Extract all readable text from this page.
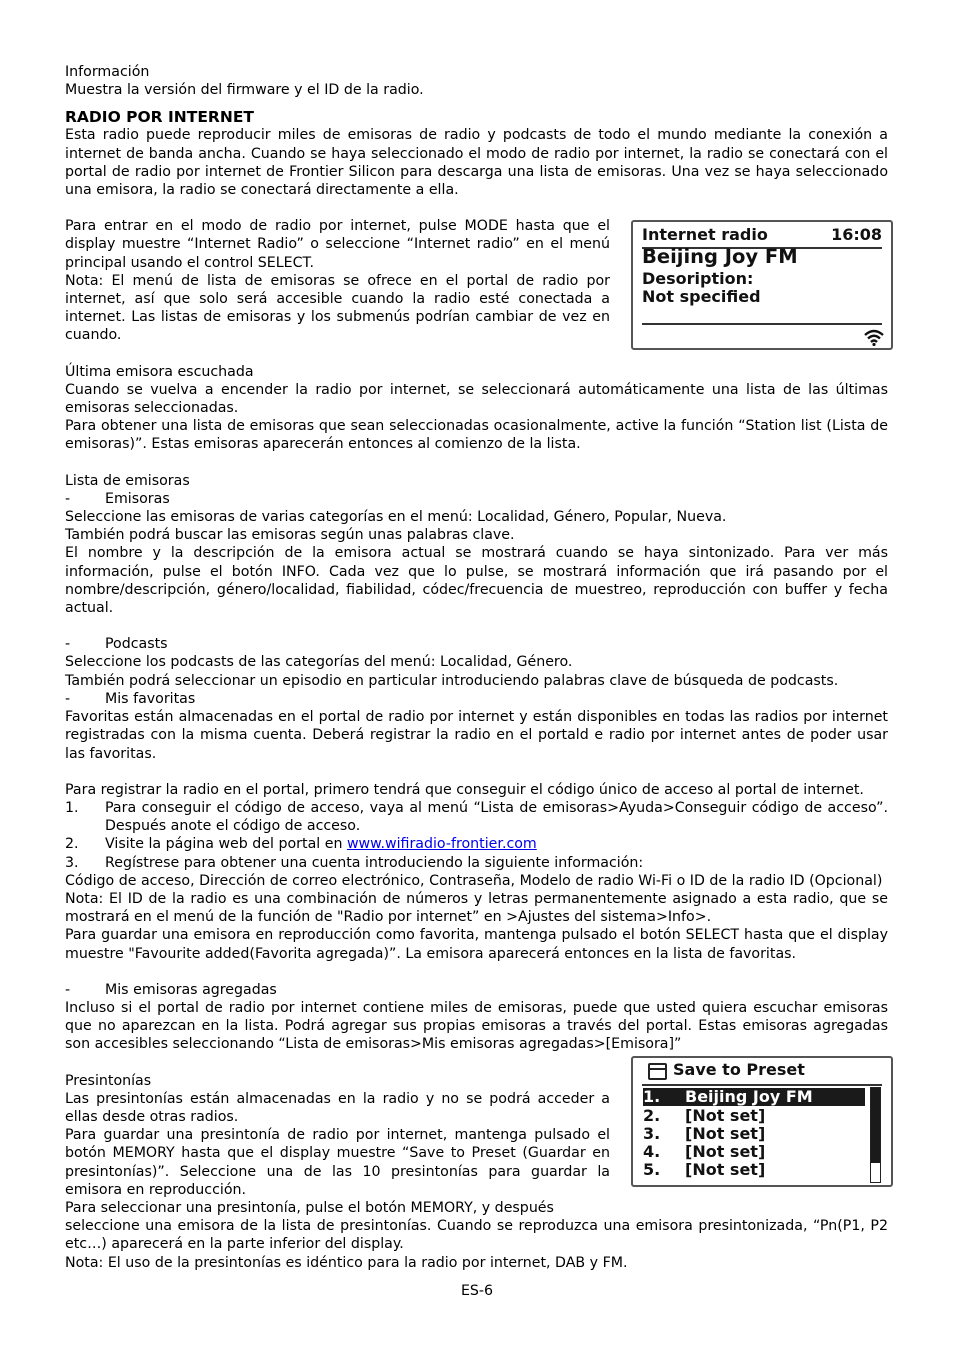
Información

Muestra la versión del firmware y el ID de la radio.

RADIO POR INTERNET

Esta radio puede reproducir miles de emisoras de radio y podcasts de todo el mundo mediante la conexión a internet de banda ancha. Cuando se haya seleccionado el modo de radio por internet, la radio se conectará con el portal de radio por internet de Frontier Silicon para descarga una lista de emisoras. Una vez se haya seleccionado una emisora, la radio se conectará directamente a ella.

Para entrar en el modo de radio por internet, pulse MODE hasta que el display muestre “Internet Radio” o seleccione “Internet radio” en el menú principal usando el control SELECT.

Nota: El menú de lista de emisoras se ofrece en el portal de radio por internet, así que solo será accesible cuando la radio esté conectada a internet. Las listas de emisoras y los submenús podrían cambiar de vez en cuando.

Última emisora escuchada

Cuando se vuelva a encender la radio por internet, se seleccionará automáticamente una lista de las últimas emisoras seleccionadas.

Para obtener una lista de emisoras que sean seleccionadas ocasionalmente, active la función “Station list (Lista de emisoras)”. Estas emisoras aparecerán entonces al comienzo de la lista.

Lista de emisoras

-	Emisoras

Seleccione las emisoras de varias categorías en el menú: Localidad, Género, Popular, Nueva.

También podrá buscar las emisoras según unas palabras clave.

El nombre y la descripción de la emisora actual se mostrará cuando se haya sintonizado. Para ver más información, pulse el botón INFO. Cada vez que lo pulse, se mostrará información que irá pasando por el nombre/descripción, género/localidad, fiabilidad, códec/frecuencia de muestreo, reproducción con buffer y fecha actual.

-	Podcasts

Seleccione los podcasts de las categorías del menú: Localidad, Género.

También podrá seleccionar un episodio en particular introduciendo palabras clave de búsqueda de podcasts.

-	Mis favoritas

Favoritas están almacenadas en el portal de radio por internet y están disponibles en todas las radios por internet registradas con la misma cuenta. Deberá registrar la radio en el portald e radio por internet antes de poder usar las favoritas.

Para registrar la radio en el portal, primero tendrá que conseguir el código único de acceso al portal de internet.

1.	Para conseguir el código de acceso, vaya al menú “Lista de emisoras>Ayuda>Conseguir código de acceso”. Después anote el código de acceso.
2.	Visite la página web del portal en www.wifiradio-frontier.com
3.	Regístrese para obtener una cuenta introduciendo la siguiente información:

Código de acceso, Dirección de correo electrónico, Contraseña, Modelo de radio Wi-Fi o ID de la radio ID (Opcional)

Nota: El ID de la radio es una combinación de números y letras permanentemente asignado a esta radio, que se mostrará en el menú de la función de "Radio por internet” en >Ajustes del sistema>Info>.

Para guardar una emisora en reproducción como favorita, mantenga pulsado el botón SELECT hasta que el display muestre "Favourite added(Favorita agregada)”. La emisora aparecerá entonces en la lista de favoritas.

-	Mis emisoras agregadas

Incluso si el portal de radio por internet contiene miles de emisoras, puede que usted quiera escuchar emisoras que no aparezcan en la lista. Podrá agregar sus propias emisoras a través del portal. Estas emisoras agregadas son accesibles seleccionando “Lista de emisoras>Mis emisoras agregadas>[Emisora]”

Presintonías

Las presintonías están almacenadas en la radio y no se podrá acceder a ellas desde otras radios.

Para guardar una presintonía de radio por internet, mantenga pulsado el botón MEMORY hasta que el display muestre “Save to Preset (Guardar en presintonías)”. Seleccione una de las 10 presintonías para guardar la emisora en reproducción.

Para seleccionar una presintonía, pulse el botón MEMORY, y después

seleccione una emisora de la lista de presintonías. Cuando se reproduzca una emisora presintonizada, “Pn(P1, P2 etc…) aparecerá en la parte inferior del display.

Nota: El uso de la presintonías es idéntico para la radio por internet, DAB y FM.

Internet radio	16:08
Beijing Joy FM
Desoription:
Not specified
Save to Preset
1. Beijing Joy FM
2. [Not set]
3. [Not set]
4. [Not set]
5. [Not set]
ES-6
